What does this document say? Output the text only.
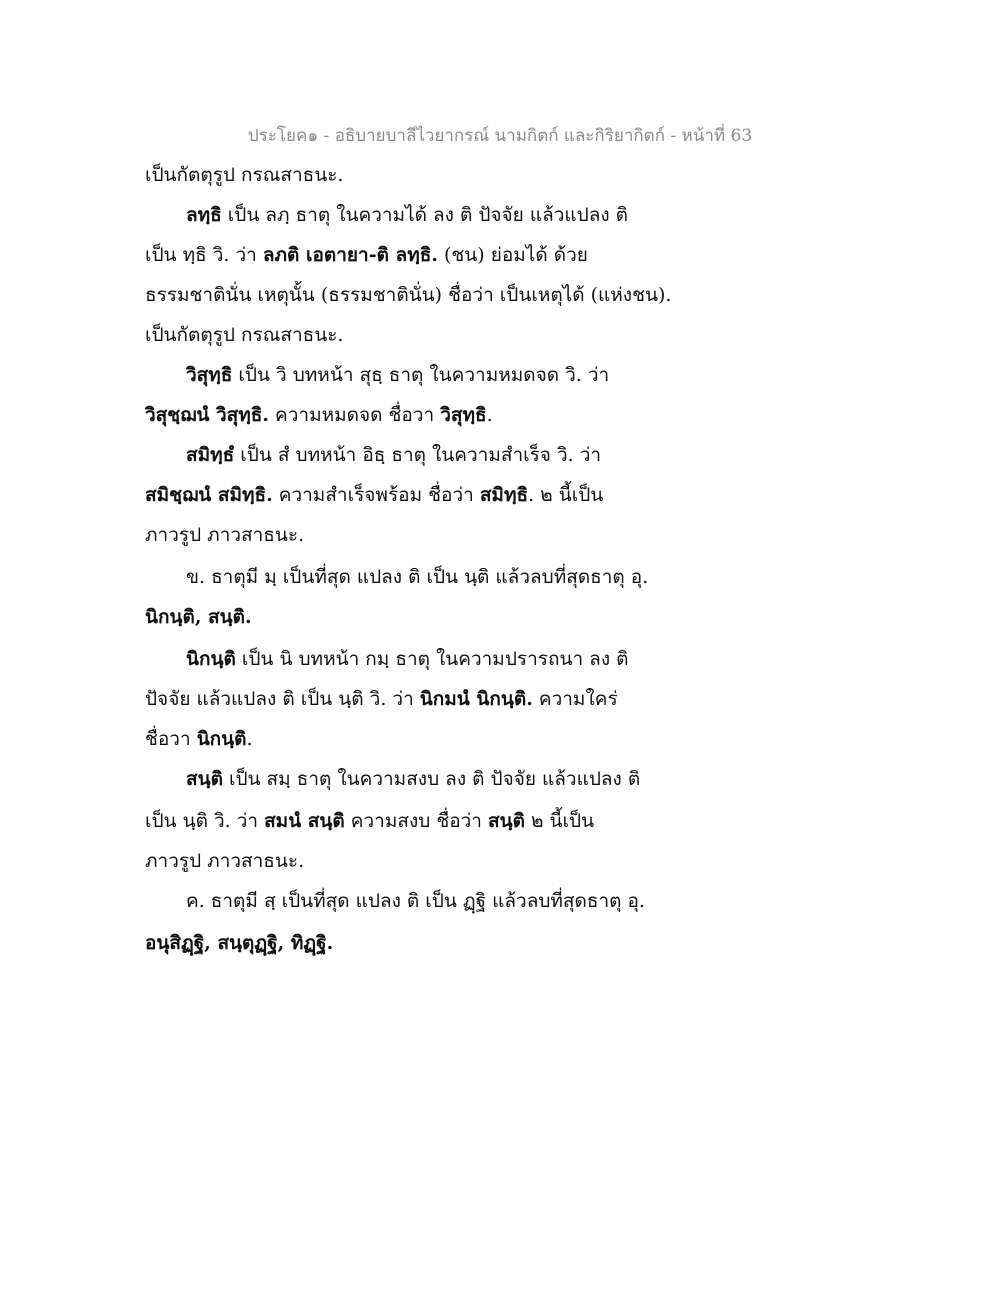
ประโยค๑ - อธิบายบาลีไวยากรณ์ นามกิตก์ และกิริยากิตก์ - หน้าที่ 63
เป็นกัตตุรูป กรณสาธนะ.
ลทฺธิ เป็น ลภฺ ธาตุ ในความได้ ลง ติ ปัจจัย แล้วแปลง ติ
เป็น ทฺธิ วิ. ว่า ลภติ เอตายา-ติ ลทฺธิ. (ชน) ย่อมได้ ด้วย
ธรรมชาตินั่น เหตุนั้น (ธรรมชาตินั่น) ชื่อว่า เป็นเหตุได้ (แห่งชน).
เป็นกัตตุรูป กรณสาธนะ.
วิสุทฺธิ เป็น วิ บทหน้า สุธฺ ธาตุ ในความหมดจด วิ. ว่า
วิสุชฺฌนํ วิสุทฺธิ. ความหมดจด ชื่อวา วิสุทฺธิ.
สมิทฺธํ เป็น สํ บทหน้า อิธฺ ธาตุ ในความสำเร็จ วิ. ว่า
สมิชฺฌนํ สมิทฺธิ. ความสำเร็จพร้อม ชื่อว่า สมิทฺธิ. ๒ นี้เป็น
ภาวรูป ภาวสาธนะ.
ข. ธาตุมี มฺ เป็นที่สุด แปลง ติ เป็น นฺติ แล้วลบที่สุดธาตุ อุ.
นิกนฺติ, สนฺติ.
นิกนฺติ เป็น นิ บทหน้า กมฺ ธาตุ ในความปรารถนา ลง ติ
ปัจจัย แล้วแปลง ติ เป็น นฺติ วิ. ว่า นิกมนํ นิกนฺติ. ความใคร่
ชื่อวา นิกนฺติ.
สนฺติ เป็น สมฺ ธาตุ ในความสงบ ลง ติ ปัจจัย แล้วแปลง ติ
เป็น นฺติ วิ. ว่า สมนํ สนฺติ ความสงบ ชื่อว่า สนฺติ ๒ นี้เป็น
ภาวรูป ภาวสาธนะ.
ค. ธาตุมี สฺ เป็นที่สุด แปลง ติ เป็น ฏฺฐิ แล้วลบที่สุดธาตุ อุ.
อนุสิฏฺฐิ, สนฺตุฏฺฐิ, ทิฏฺฐิ.
